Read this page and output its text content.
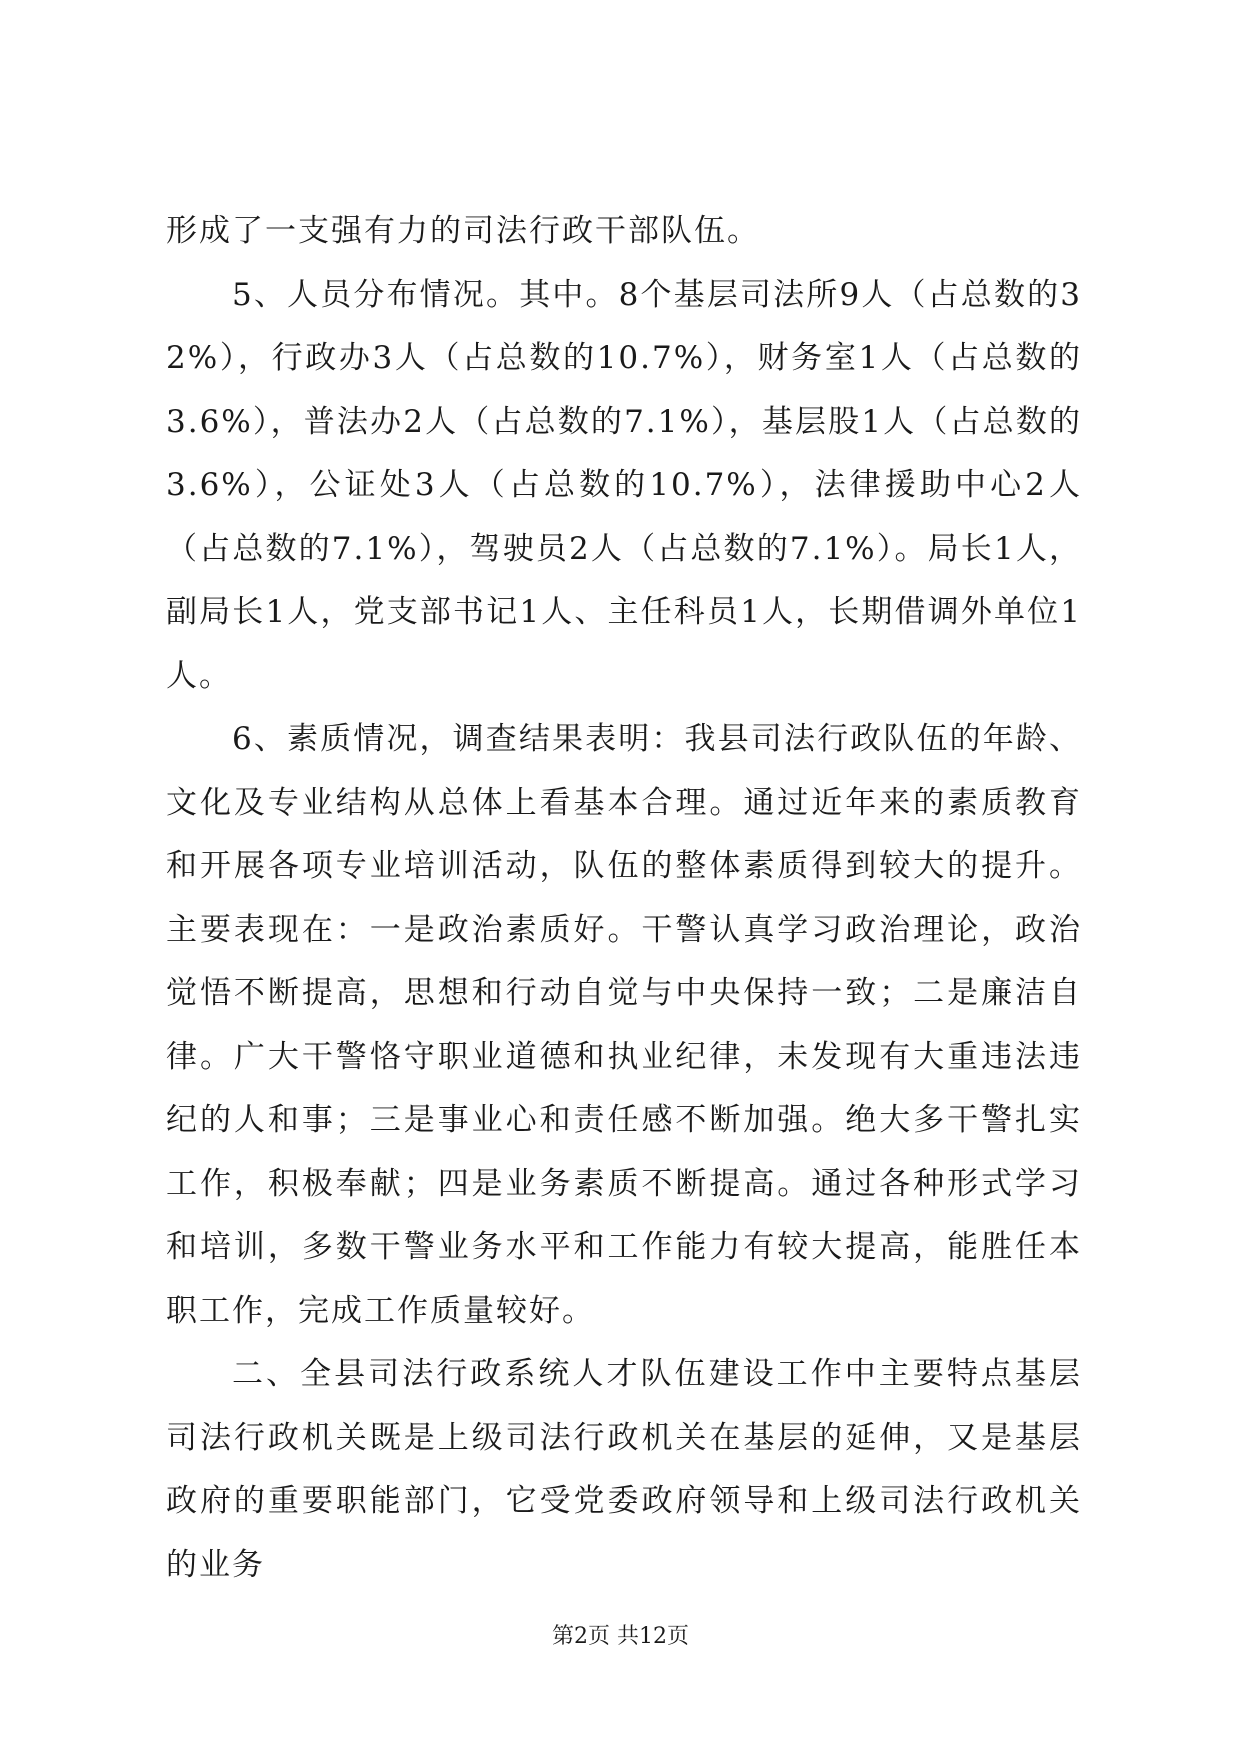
形成了一支强有力的司法行政干部队伍。

5、人员分布情况。其中。8个基层司法所9人（占总数的32%），行政办3人（占总数的10.7%），财务室1人（占总数的3.6%），普法办2人（占总数的7.1%），基层股1人（占总数的3.6%），公证处3人（占总数的10.7%），法律援助中心2人（占总数的7.1%），驾驶员2人（占总数的7.1%）。局长1人，副局长1人，党支部书记1人、主任科员1人，长期借调外单位1人。

6、素质情况，调查结果表明：我县司法行政队伍的年龄、文化及专业结构从总体上看基本合理。通过近年来的素质教育和开展各项专业培训活动，队伍的整体素质得到较大的提升。主要表现在：一是政治素质好。干警认真学习政治理论，政治觉悟不断提高，思想和行动自觉与中央保持一致；二是廉洁自律。广大干警恪守职业道德和执业纪律，未发现有大重违法违纪的人和事；三是事业心和责任感不断加强。绝大多干警扎实工作，积极奉献；四是业务素质不断提高。通过各种形式学习和培训，多数干警业务水平和工作能力有较大提高，能胜任本职工作，完成工作质量较好。

二、全县司法行政系统人才队伍建设工作中主要特点基层司法行政机关既是上级司法行政机关在基层的延伸，又是基层政府的重要职能部门，它受党委政府领导和上级司法行政机关的业务

第2页 共12页
